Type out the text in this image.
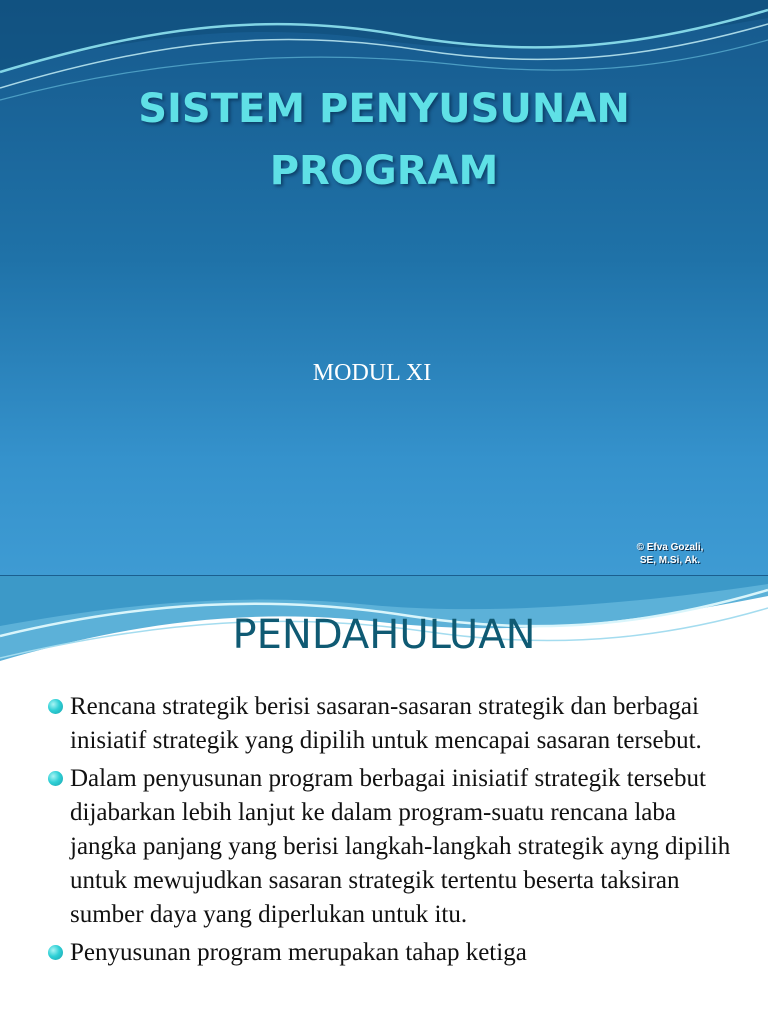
SISTEM PENYUSUNAN
PROGRAM
MODUL XI
© Efva Gozali,
SE, M.Si, Ak.
PENDAHULUAN
Rencana strategik berisi sasaran-sasaran strategik dan berbagai inisiatif strategik yang dipilih untuk mencapai sasaran tersebut.
Dalam penyusunan program berbagai inisiatif strategik tersebut dijabarkan lebih lanjut ke dalam program-suatu rencana laba jangka panjang yang berisi langkah-langkah strategik ayng dipilih untuk mewujudkan sasaran strategik tertentu beserta taksiran sumber daya yang diperlukan untuk itu.
Penyusunan program merupakan tahap ketiga
